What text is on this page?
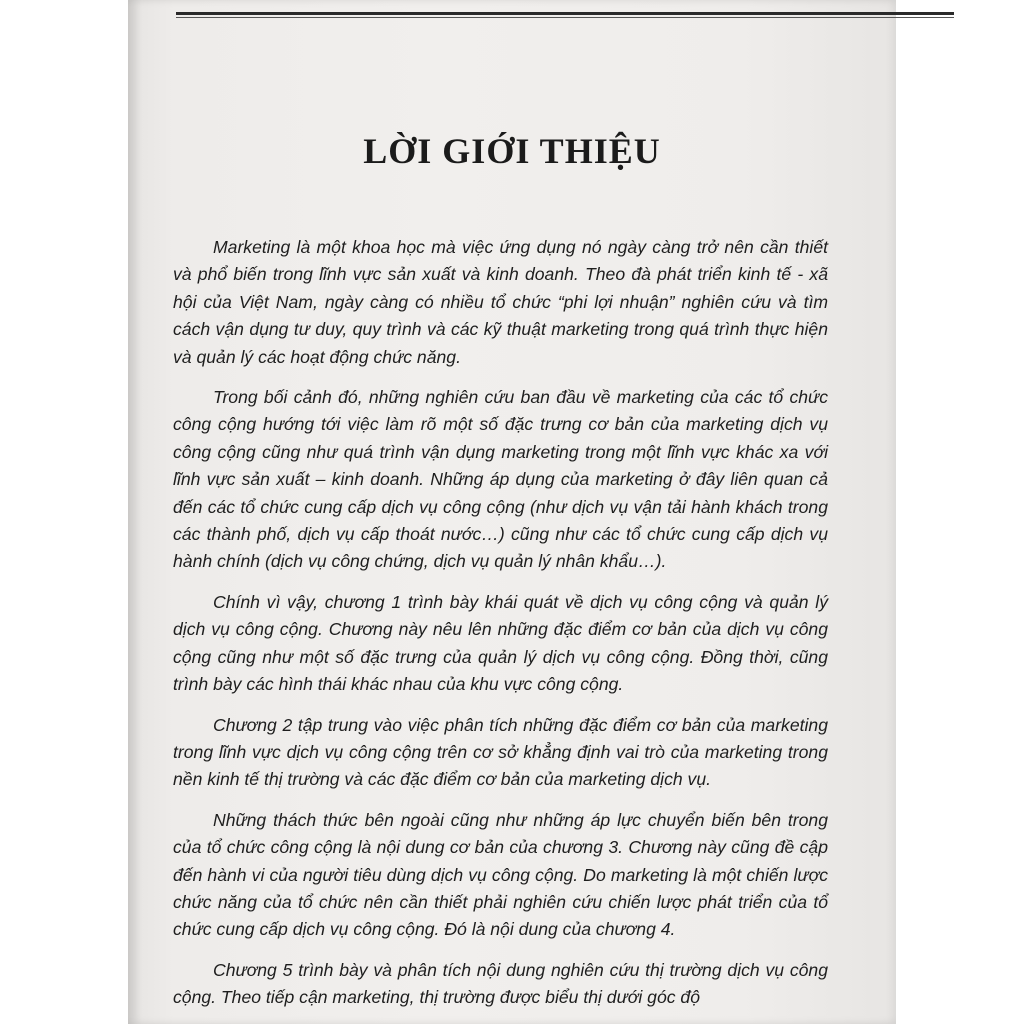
LỜI GIỚI THIỆU

Marketing là một khoa học mà việc ứng dụng nó ngày càng trở nên cần thiết và phổ biến trong lĩnh vực sản xuất và kinh doanh. Theo đà phát triển kinh tế - xã hội của Việt Nam, ngày càng có nhiều tổ chức “phi lợi nhuận” nghiên cứu và tìm cách vận dụng tư duy, quy trình và các kỹ thuật marketing trong quá trình thực hiện và quản lý các hoạt động chức năng.

Trong bối cảnh đó, những nghiên cứu ban đầu về marketing của các tổ chức công cộng hướng tới việc làm rõ một số đặc trưng cơ bản của marketing dịch vụ công cộng cũng như quá trình vận dụng marketing trong một lĩnh vực khác xa với lĩnh vực sản xuất – kinh doanh. Những áp dụng của marketing ở đây liên quan cả đến các tổ chức cung cấp dịch vụ công cộng (như dịch vụ vận tải hành khách trong các thành phố, dịch vụ cấp thoát nước…) cũng như các tổ chức cung cấp dịch vụ hành chính (dịch vụ công chứng, dịch vụ quản lý nhân khẩu…).

Chính vì vậy, chương 1 trình bày khái quát về dịch vụ công cộng và quản lý dịch vụ công cộng. Chương này nêu lên những đặc điểm cơ bản của dịch vụ công cộng cũng như một số đặc trưng của quản lý dịch vụ công cộng. Đồng thời, cũng trình bày các hình thái khác nhau của khu vực công cộng.

Chương 2 tập trung vào việc phân tích những đặc điểm cơ bản của marketing trong lĩnh vực dịch vụ công cộng trên cơ sở khẳng định vai trò của marketing trong nền kinh tế thị trường và các đặc điểm cơ bản của marketing dịch vụ.

Những thách thức bên ngoài cũng như những áp lực chuyển biến bên trong của tổ chức công cộng là nội dung cơ bản của chương 3. Chương này cũng đề cập đến hành vi của người tiêu dùng dịch vụ công cộng. Do marketing là một chiến lược chức năng của tổ chức nên cần thiết phải nghiên cứu chiến lược phát triển của tổ chức cung cấp dịch vụ công cộng. Đó là nội dung của chương 4.

Chương 5 trình bày và phân tích nội dung nghiên cứu thị trường dịch vụ công cộng. Theo tiếp cận marketing, thị trường được biểu thị dưới góc độ
